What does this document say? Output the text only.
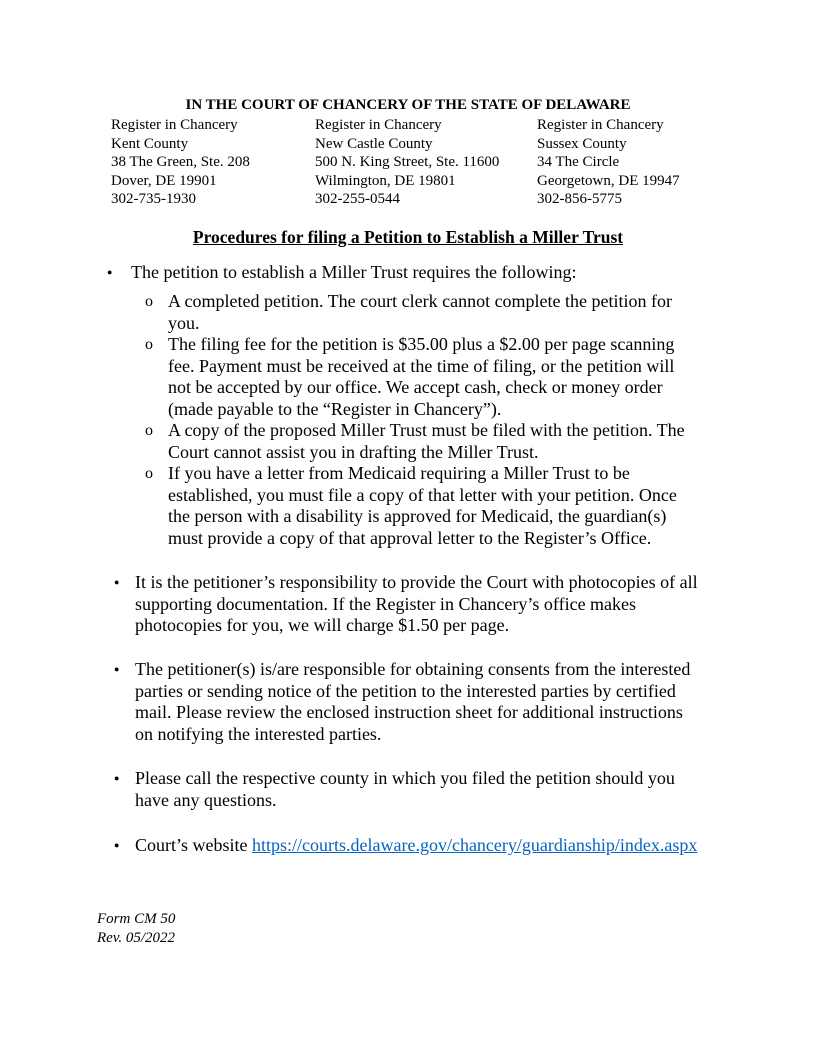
IN THE COURT OF CHANCERY OF THE STATE OF DELAWARE
Register in Chancery
Kent County
38 The Green, Ste. 208
Dover, DE 19901
302-735-1930
Register in Chancery
New Castle County
500 N. King Street, Ste. 11600
Wilmington, DE 19801
302-255-0544
Register in Chancery
Sussex County
34 The Circle
Georgetown, DE 19947
302-856-5775
Procedures for filing a Petition to Establish a Miller Trust
● The petition to establish a Miller Trust requires the following:
o A completed petition. The court clerk cannot complete the petition for
you.
o The filing fee for the petition is $35.00 plus a $2.00 per page scanning
fee. Payment must be received at the time of filing, or the petition will
not be accepted by our office. We accept cash, check or money order
(made payable to the “Register in Chancery”).
o A copy of the proposed Miller Trust must be filed with the petition. The
Court cannot assist you in drafting the Miller Trust.
o If you have a letter from Medicaid requiring a Miller Trust to be
established, you must file a copy of that letter with your petition. Once
the person with a disability is approved for Medicaid, the guardian(s)
must provide a copy of that approval letter to the Register’s Office.
● It is the petitioner’s responsibility to provide the Court with photocopies of all
supporting documentation. If the Register in Chancery’s office makes
photocopies for you, we will charge $1.50 per page.
● The petitioner(s) is/are responsible for obtaining consents from the interested
parties or sending notice of the petition to the interested parties by certified
mail. Please review the enclosed instruction sheet for additional instructions
on notifying the interested parties.
● Please call the respective county in which you filed the petition should you
have any questions.
● Court’s website https://courts.delaware.gov/chancery/guardianship/index.aspx
Form CM 50
Rev. 05/2022
